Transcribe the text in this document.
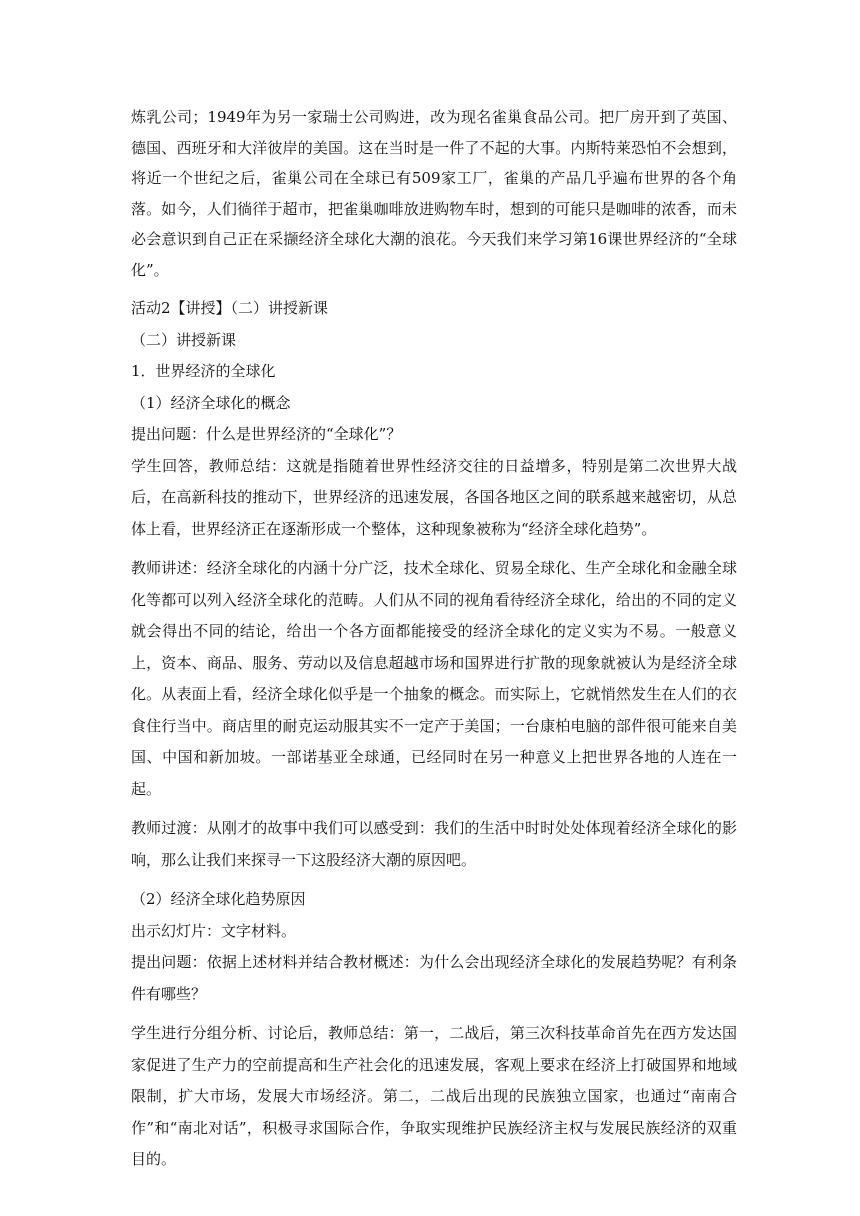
炼乳公司；1949年为另一家瑞士公司购进，改为现名雀巢食品公司。把厂房开到了英国、德国、西班牙和大洋彼岸的美国。这在当时是一件了不起的大事。内斯特莱恐怕不会想到，将近一个世纪之后，雀巢公司在全球已有509家工厂，雀巢的产品几乎遍布世界的各个角落。如今，人们徜徉于超市，把雀巢咖啡放进购物车时，想到的可能只是咖啡的浓香，而未必会意识到自己正在采撷经济全球化大潮的浪花。今天我们来学习第16课世界经济的“全球化”。

活动2【讲授】（二）讲授新课

（二）讲授新课

1．世界经济的全球化

（1）经济全球化的概念

提出问题：什么是世界经济的“全球化”？

学生回答，教师总结：这就是指随着世界性经济交往的日益增多，特别是第二次世界大战后，在高新科技的推动下，世界经济的迅速发展，各国各地区之间的联系越来越密切，从总体上看，世界经济正在逐渐形成一个整体，这种现象被称为“经济全球化趋势”。

教师讲述：经济全球化的内涵十分广泛，技术全球化、贸易全球化、生产全球化和金融全球化等都可以列入经济全球化的范畴。人们从不同的视角看待经济全球化，给出的不同的定义就会得出不同的结论，给出一个各方面都能接受的经济全球化的定义实为不易。一般意义上，资本、商品、服务、劳动以及信息超越市场和国界进行扩散的现象就被认为是经济全球化。从表面上看，经济全球化似乎是一个抽象的概念。而实际上，它就悄然发生在人们的衣食住行当中。商店里的耐克运动服其实不一定产于美国；一台康柏电脑的部件很可能来自美国、中国和新加坡。一部诺基亚全球通，已经同时在另一种意义上把世界各地的人连在一起。

教师过渡：从刚才的故事中我们可以感受到：我们的生活中时时处处体现着经济全球化的影响，那么让我们来探寻一下这股经济大潮的原因吧。

（2）经济全球化趋势原因

出示幻灯片：文字材料。

提出问题：依据上述材料并结合教材概述：为什么会出现经济全球化的发展趋势呢？有利条件有哪些？

学生进行分组分析、讨论后，教师总结：第一，二战后，第三次科技革命首先在西方发达国家促进了生产力的空前提高和生产社会化的迅速发展，客观上要求在经济上打破国界和地域限制，扩大市场，发展大市场经济。第二，二战后出现的民族独立国家，也通过“南南合作”和“南北对话”，积极寻求国际合作，争取实现维护民族经济主权与发展民族经济的双重目的。
